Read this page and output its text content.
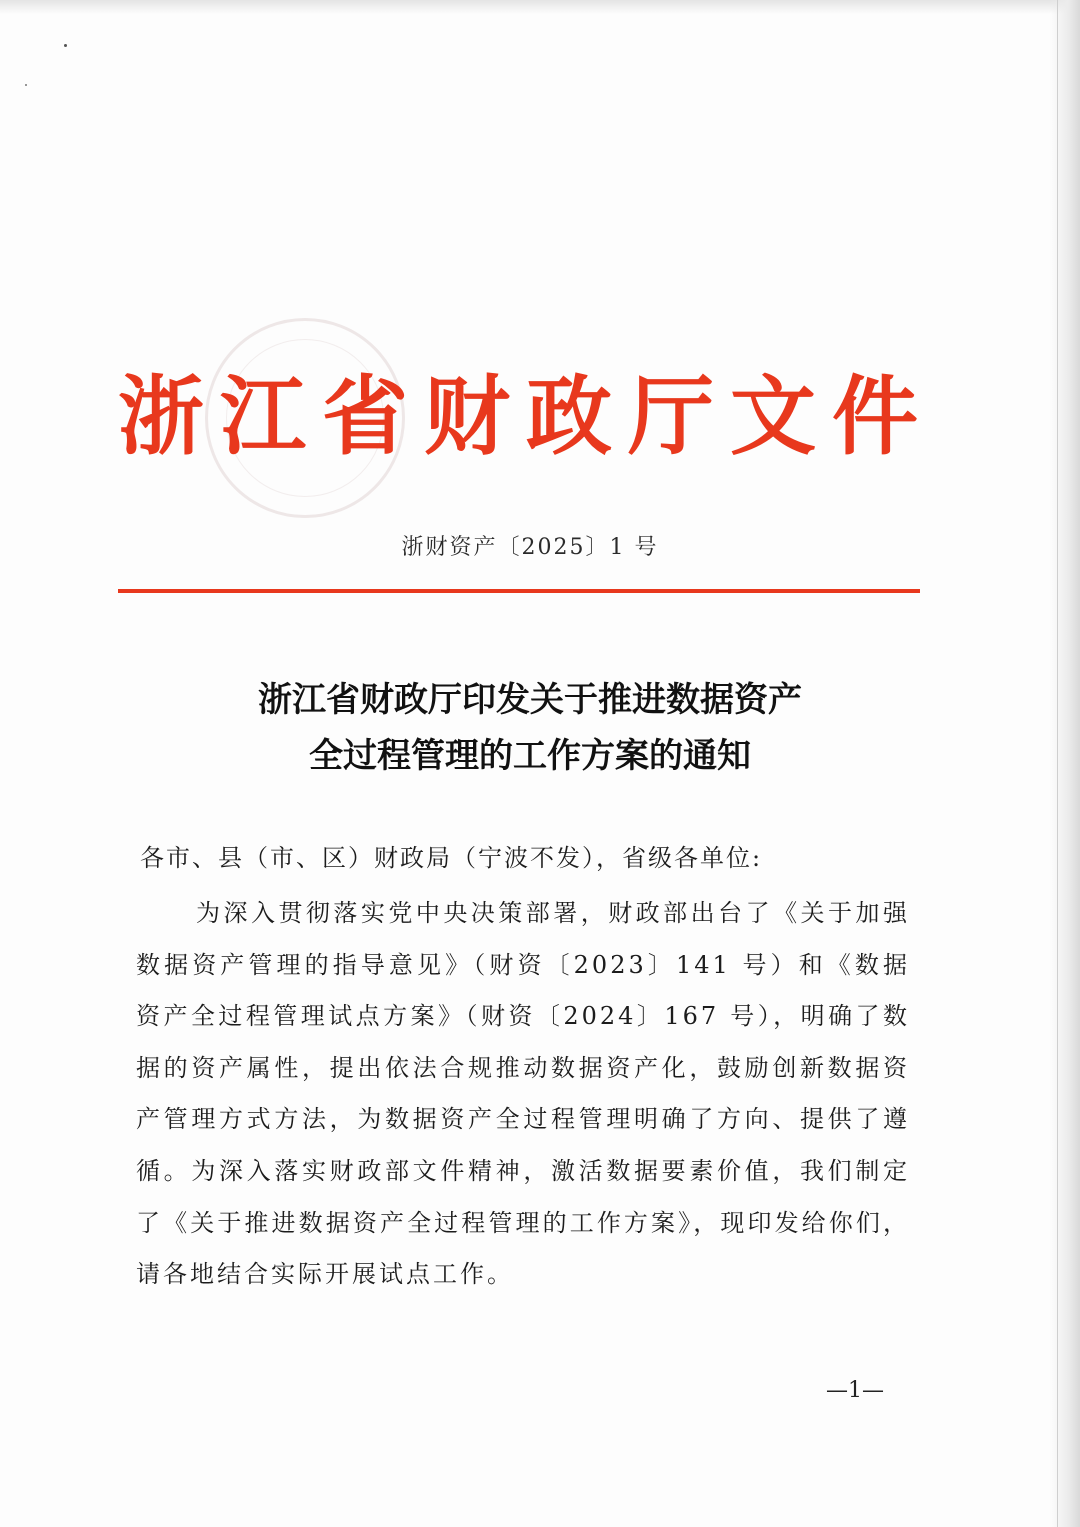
浙江省财政厅文件
浙财资产〔2025〕1 号
浙江省财政厅印发关于推进数据资产
全过程管理的工作方案的通知
各市、县（市、区）财政局（宁波不发），省级各单位:

为深入贯彻落实党中央决策部署，财政部出台了《关于加强数据资产管理的指导意见》（财资〔2023〕141 号）和《数据资产全过程管理试点方案》（财资〔2024〕167 号），明确了数据的资产属性，提出依法合规推动数据资产化，鼓励创新数据资产管理方式方法，为数据资产全过程管理明确了方向、提供了遵循。为深入落实财政部文件精神，激活数据要素价值，我们制定了《关于推进数据资产全过程管理的工作方案》，现印发给你们，请各地结合实际开展试点工作。

—1—
